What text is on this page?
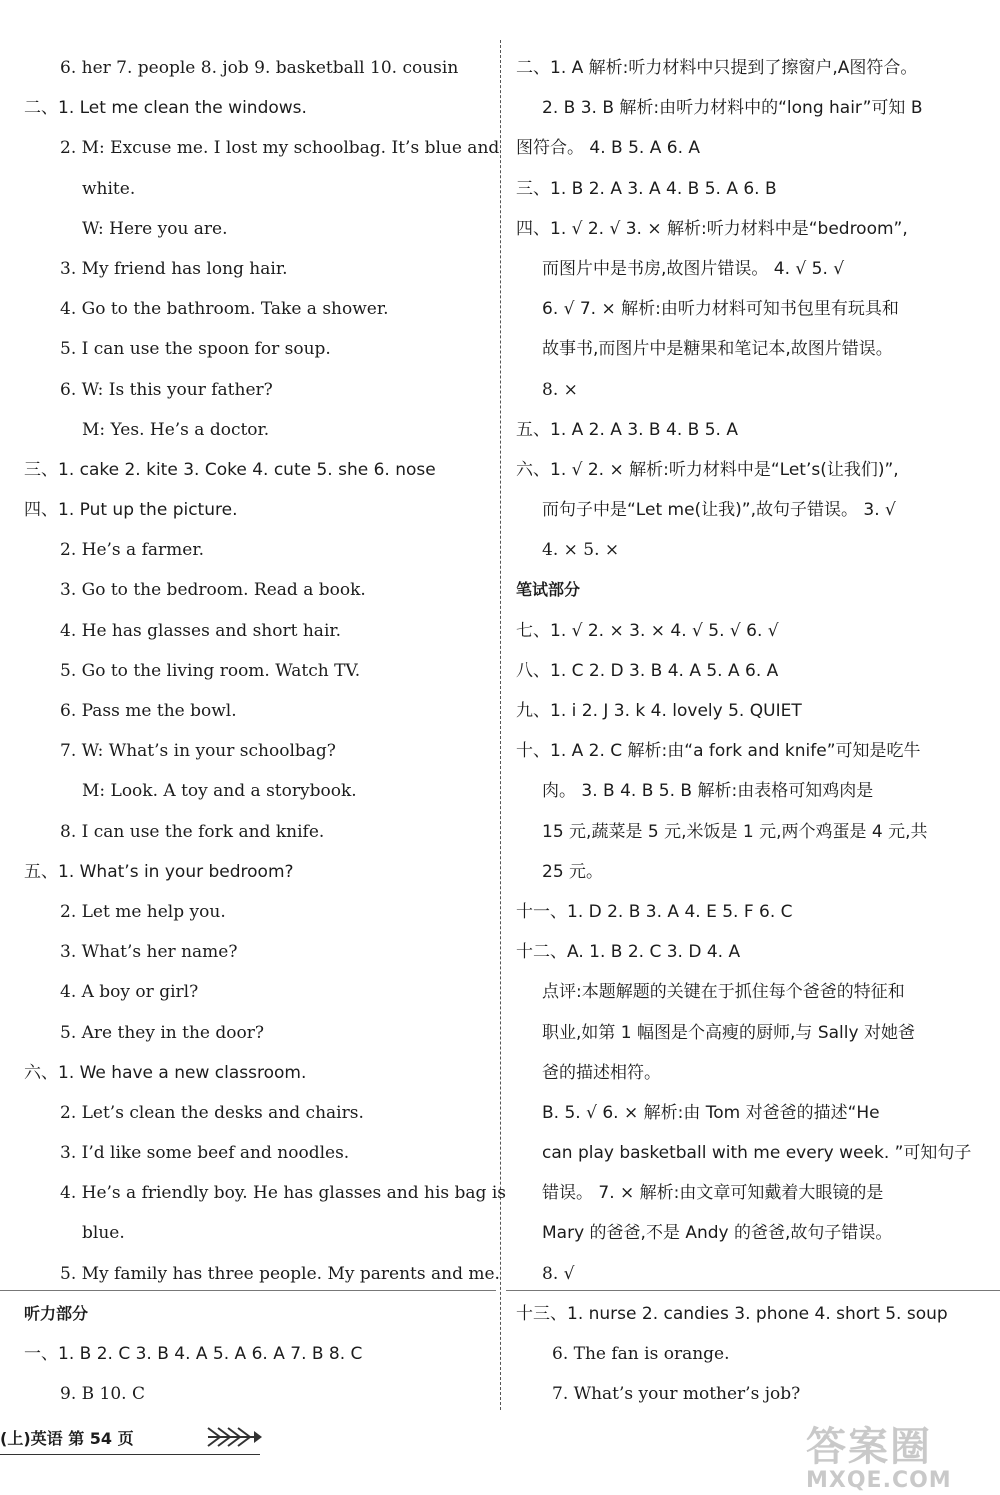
6. her 7. people 8. job 9. basketball 10. cousin
二、1. Let me clean the windows.
2. M: Excuse me. I lost my schoolbag. It’s blue and
white.
W: Here you are.
3. My friend has long hair.
4. Go to the bathroom. Take a shower.
5. I can use the spoon for soup.
6. W: Is this your father?
M: Yes. He’s a doctor.
三、1. cake 2. kite 3. Coke 4. cute 5. she 6. nose
四、1. Put up the picture.
2. He’s a farmer.
3. Go to the bedroom. Read a book.
4. He has glasses and short hair.
5. Go to the living room. Watch TV.
6. Pass me the bowl.
7. W: What’s in your schoolbag?
M: Look. A toy and a storybook.
8. I can use the fork and knife.
五、1. What’s in your bedroom?
2. Let me help you.
3. What’s her name?
4. A boy or girl?
5. Are they in the door?
六、1. We have a new classroom.
2. Let’s clean the desks and chairs.
3. I’d like some beef and noodles.
4. He’s a friendly boy. He has glasses and his bag is
blue.
5. My family has three people. My parents and me.
听力部分
一、1. B 2. C 3. B 4. A 5. A 6. A 7. B 8. C
9. B 10. C
二、1. A 解析:听力材料中只提到了擦窗户,A图符合。
2. B 3. B 解析:由听力材料中的“long hair”可知 B
图符合。 4. B 5. A 6. A
三、1. B 2. A 3. A 4. B 5. A 6. B
四、1. √ 2. √ 3. × 解析:听力材料中是“bedroom”,
而图片中是书房,故图片错误。 4. √ 5. √
6. √ 7. × 解析:由听力材料可知书包里有玩具和
故事书,而图片中是糖果和笔记本,故图片错误。
8. ×
五、1. A 2. A 3. B 4. B 5. A
六、1. √ 2. × 解析:听力材料中是“Let’s(让我们)”,
而句子中是“Let me(让我)”,故句子错误。 3. √
4. × 5. ×
笔试部分
七、1. √ 2. × 3. × 4. √ 5. √ 6. √
八、1. C 2. D 3. B 4. A 5. A 6. A
九、1. i 2. J 3. k 4. lovely 5. QUIET
十、1. A 2. C 解析:由“a fork and knife”可知是吃牛
肉。 3. B 4. B 5. B 解析:由表格可知鸡肉是
15 元,蔬菜是 5 元,米饭是 1 元,两个鸡蛋是 4 元,共
25 元。
十一、1. D 2. B 3. A 4. E 5. F 6. C
十二、A. 1. B 2. C 3. D 4. A
点评:本题解题的关键在于抓住每个爸爸的特征和
职业,如第 1 幅图是个高瘦的厨师,与 Sally 对她爸
爸的描述相符。
B. 5. √ 6. × 解析:由 Tom 对爸爸的描述“He
can play basketball with me every week. ”可知句子
错误。 7. × 解析:由文章可知戴着大眼镜的是
Mary 的爸爸,不是 Andy 的爸爸,故句子错误。
8. √
十三、1. nurse 2. candies 3. phone 4. short 5. soup
6. The fan is orange.
7. What’s your mother’s job?
(上)英语 第 54 页	答案圈
MXQE.COM
